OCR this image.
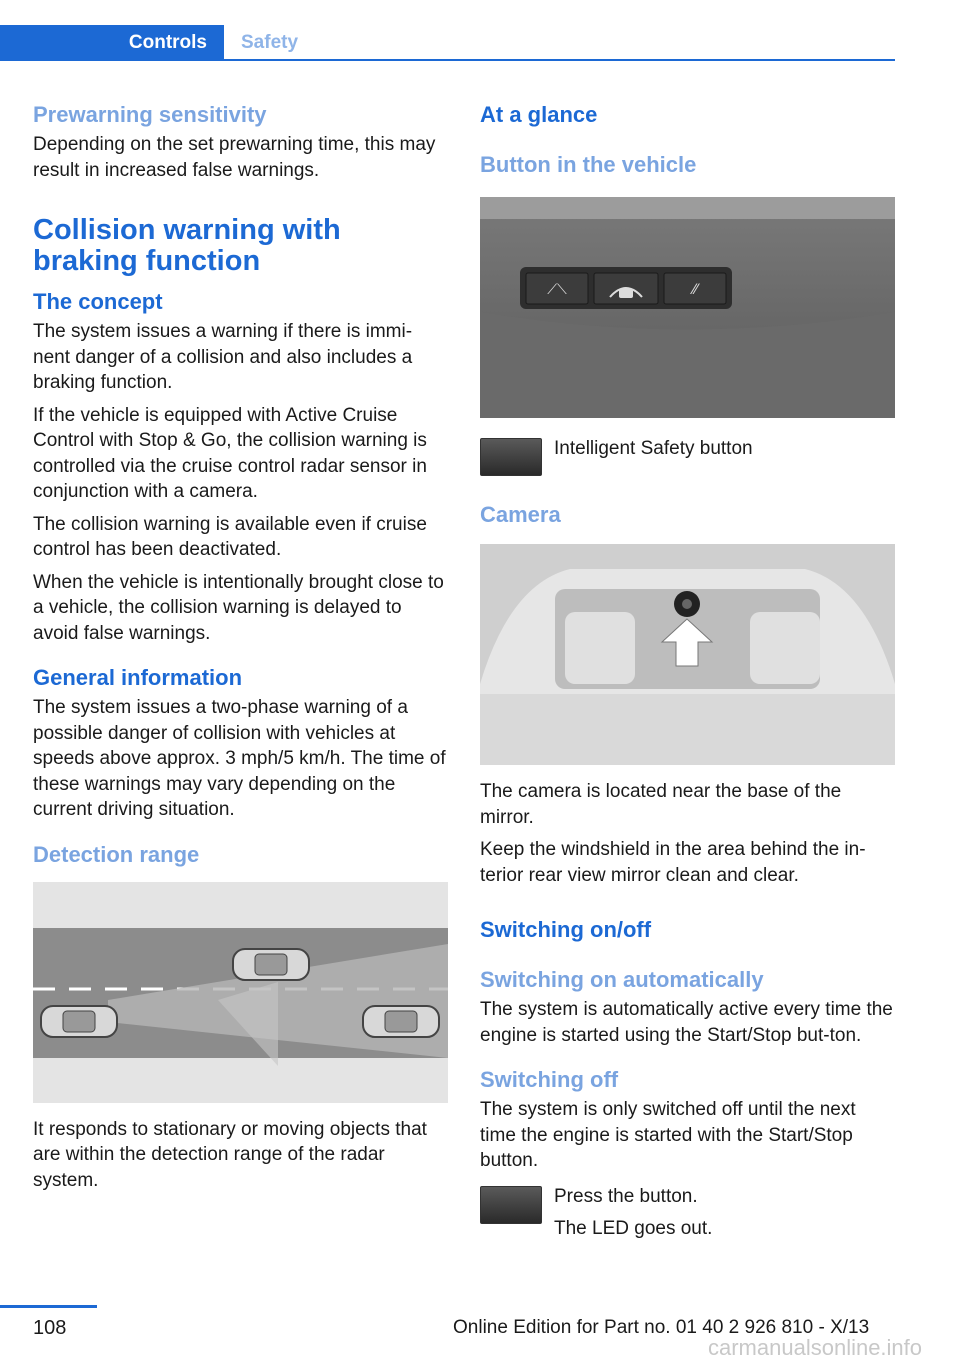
Controls	Safety
Prewarning sensitivity

Depending on the set prewarning time, this may result in increased false warnings.

Collision warning with
braking function
The concept

The system issues a warning if there is immi-nent danger of a collision and also includes a braking function.

If the vehicle is equipped with Active Cruise Control with Stop & Go, the collision warning is controlled via the cruise control radar sensor in conjunction with a camera.

The collision warning is available even if cruise control has been deactivated.

When the vehicle is intentionally brought close to a vehicle, the collision warning is delayed to avoid false warnings.

General information

The system issues a two-phase warning of a possible danger of collision with vehicles at speeds above approx. 3 mph/5 km/h. The time of these warnings may vary depending on the current driving situation.

Detection range

It responds to stationary or moving objects that are within the detection range of the radar system.

At a glance
Button in the vehicle
⟋⟍	⁄⁄

Intelligent Safety button

Camera

The camera is located near the base of the mirror.

Keep the windshield in the area behind the in-terior rear view mirror clean and clear.

Switching on/off
Switching on automatically

The system is automatically active every time the engine is started using the Start/Stop but-ton.

Switching off

The system is only switched off until the next time the engine is started with the Start/Stop button.

Press the button.

The LED goes out.

108	Online Edition for Part no. 01 40 2 926 810 - X/13
carmanualsonline.info
